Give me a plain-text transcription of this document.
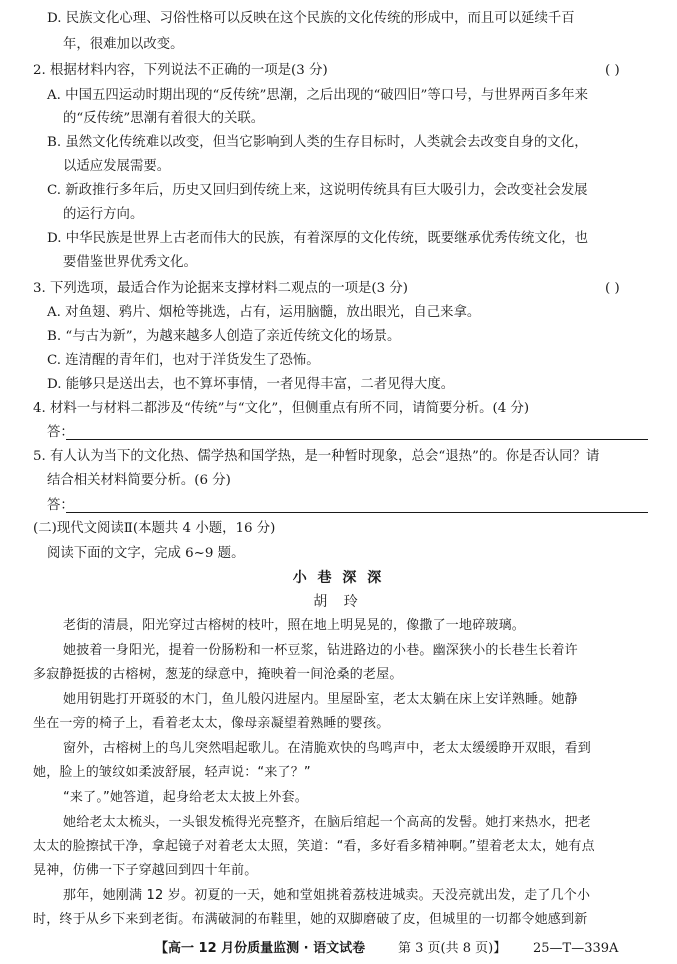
D. 民族文化心理、习俗性格可以反映在这个民族的文化传统的形成中，而且可以延续千百
年，很难加以改变。
2. 根据材料内容，下列说法不正确的一项是(3 分)	( )
A. 中国五四运动时期出现的“反传统”思潮，之后出现的“破四旧”等口号，与世界两百多年来
的“反传统”思潮有着很大的关联。
B. 虽然文化传统难以改变，但当它影响到人类的生存目标时，人类就会去改变自身的文化，
以适应发展需要。
C. 新政推行多年后，历史又回归到传统上来，这说明传统具有巨大吸引力，会改变社会发展
的运行方向。
D. 中华民族是世界上古老而伟大的民族，有着深厚的文化传统，既要继承优秀传统文化，也
要借鉴世界优秀文化。
3. 下列选项，最适合作为论据来支撑材料二观点的一项是(3 分)	( )
A. 对鱼翅、鸦片、烟枪等挑选，占有，运用脑髓，放出眼光，自己来拿。
B. “与古为新”，为越来越多人创造了亲近传统文化的场景。
C. 连清醒的青年们，也对于洋货发生了恐怖。
D. 能够只是送出去，也不算坏事情，一者见得丰富，二者见得大度。
4. 材料一与材料二都涉及“传统”与“文化”，但侧重点有所不同，请简要分析。(4 分)
答：
5. 有人认为当下的文化热、儒学热和国学热，是一种暂时现象，总会“退热”的。你是否认同？请
结合相关材料简要分析。(6 分)
答：
(二)现代文阅读Ⅱ(本题共 4 小题，16 分)
阅读下面的文字，完成 6~9 题。
小 巷 深 深
胡 玲
老街的清晨，阳光穿过古榕树的枝叶，照在地上明晃晃的，像撒了一地碎玻璃。
她披着一身阳光，提着一份肠粉和一杯豆浆，钻进路边的小巷。幽深狭小的长巷生长着许
多寂静挺拔的古榕树，葱茏的绿意中，掩映着一间沧桑的老屋。
她用钥匙打开斑驳的木门，鱼儿般闪进屋内。里屋卧室，老太太躺在床上安详熟睡。她静
坐在一旁的椅子上，看着老太太，像母亲凝望着熟睡的婴孩。
窗外，古榕树上的鸟儿突然唱起歌儿。在清脆欢快的鸟鸣声中，老太太缓缓睁开双眼，看到
她，脸上的皱纹如柔波舒展，轻声说：“来了？”
“来了。”她答道，起身给老太太披上外套。
她给老太太梳头，一头银发梳得光亮整齐，在脑后绾起一个高高的发髻。她打来热水，把老
太太的脸擦拭干净，拿起镜子对着老太太照，笑道：“看，多好看多精神啊。”望着老太太，她有点
晃神，仿佛一下子穿越回到四十年前。
那年，她刚满 12 岁。初夏的一天，她和堂姐挑着荔枝进城卖。天没亮就出发，走了几个小
时，终于从乡下来到老街。布满破洞的布鞋里，她的双脚磨破了皮，但城里的一切都令她感到新
【高一 12 月份质量监测 · 语文试卷	第 3 页(共 8 页)】 25—T—339A
